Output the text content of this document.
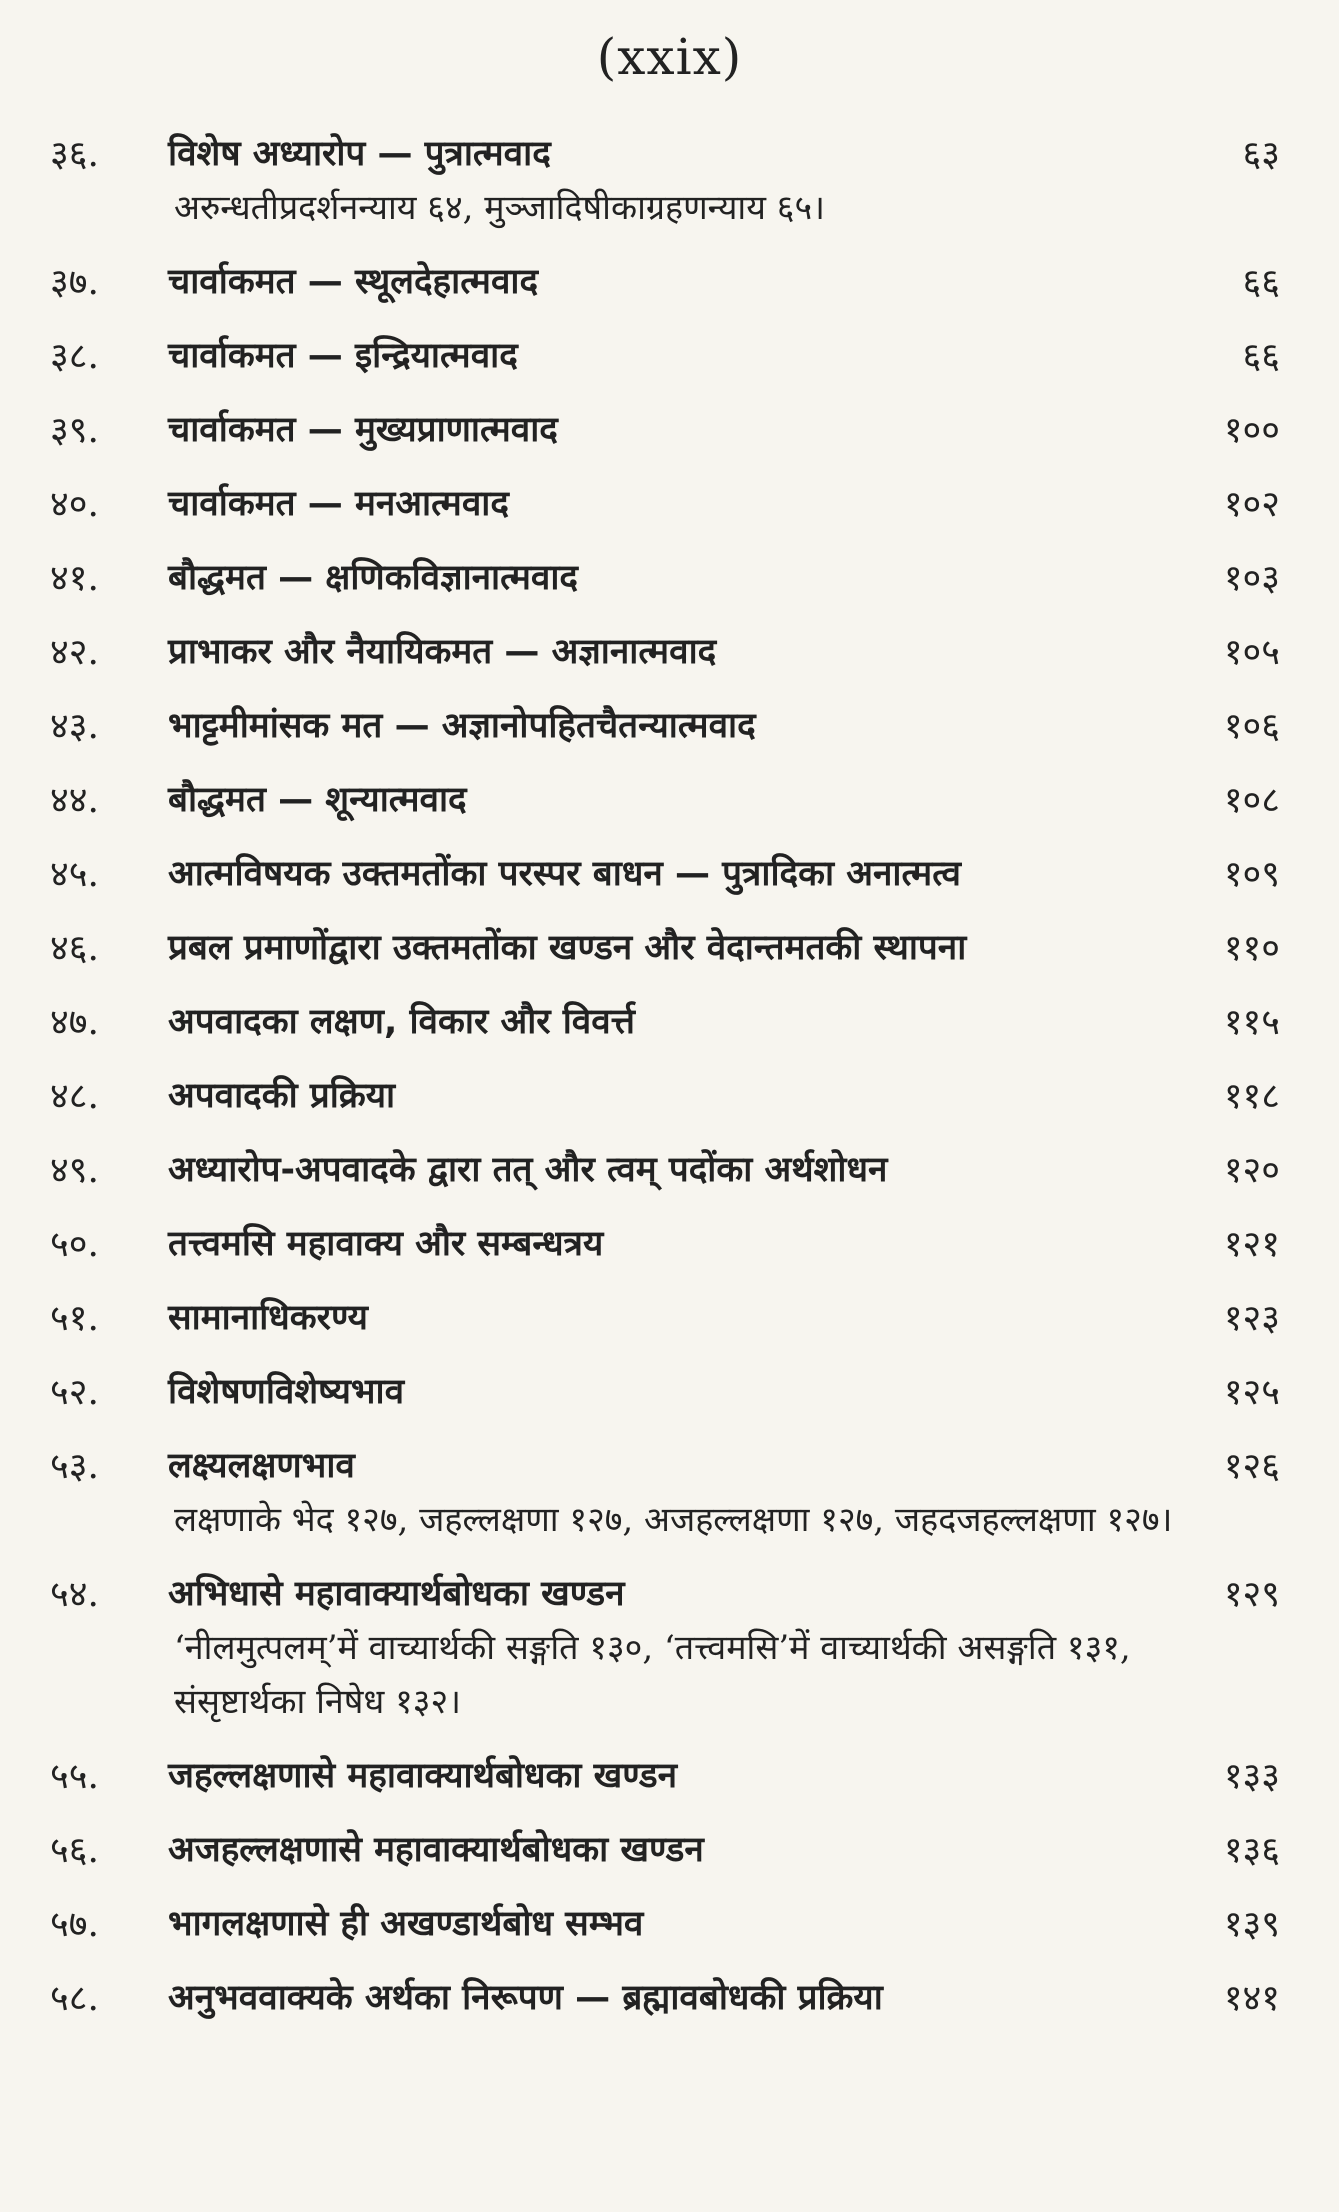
(xxix)
३६.	विशेष अध्यारोप — पुत्रात्मवाद	६३
अरुन्धतीप्रदर्शनन्याय ६४, मुञ्जादिषीकाग्रहणन्याय ६५।
३७.	चार्वाकमत — स्थूलदेहात्मवाद	६६
३८.	चार्वाकमत — इन्द्रियात्मवाद	६६
३९.	चार्वाकमत — मुख्यप्राणात्मवाद	१००
४०.	चार्वाकमत — मनआत्मवाद	१०२
४१.	बौद्धमत — क्षणिकविज्ञानात्मवाद	१०३
४२.	प्राभाकर और नैयायिकमत — अज्ञानात्मवाद	१०५
४३.	भाट्टमीमांसक मत — अज्ञानोपहितचैतन्यात्मवाद	१०६
४४.	बौद्धमत — शून्यात्मवाद	१०८
४५.	आत्मविषयक उक्तमतोंका परस्पर बाधन — पुत्रादिका अनात्मत्व	१०९
४६.	प्रबल प्रमाणोंद्वारा उक्तमतोंका खण्डन और वेदान्तमतकी स्थापना	११०
४७.	अपवादका लक्षण, विकार और विवर्त्त	११५
४८.	अपवादकी प्रक्रिया	११८
४९.	अध्यारोप-अपवादके द्वारा तत् और त्वम् पदोंका अर्थशोधन	१२०
५०.	तत्त्वमसि महावाक्य और सम्बन्धत्रय	१२१
५१.	सामानाधिकरण्य	१२३
५२.	विशेषणविशेष्यभाव	१२५
५३.	लक्ष्यलक्षणभाव	१२६
लक्षणाके भेद १२७, जहल्लक्षणा १२७, अजहल्लक्षणा १२७, जहदजहल्लक्षणा १२७।
५४.	अभिधासे महावाक्यार्थबोधका खण्डन	१२९
‘नीलमुत्पलम्’में वाच्यार्थकी सङ्गति १३०, ‘तत्त्वमसि’में वाच्यार्थकी असङ्गति १३१, संसृष्टार्थका निषेध १३२।
५५.	जहल्लक्षणासे महावाक्यार्थबोधका खण्डन	१३३
५६.	अजहल्लक्षणासे महावाक्यार्थबोधका खण्डन	१३६
५७.	भागलक्षणासे ही अखण्डार्थबोध सम्भव	१३९
५८.	अनुभववाक्यके अर्थका निरूपण — ब्रह्मावबोधकी प्रक्रिया	१४१
